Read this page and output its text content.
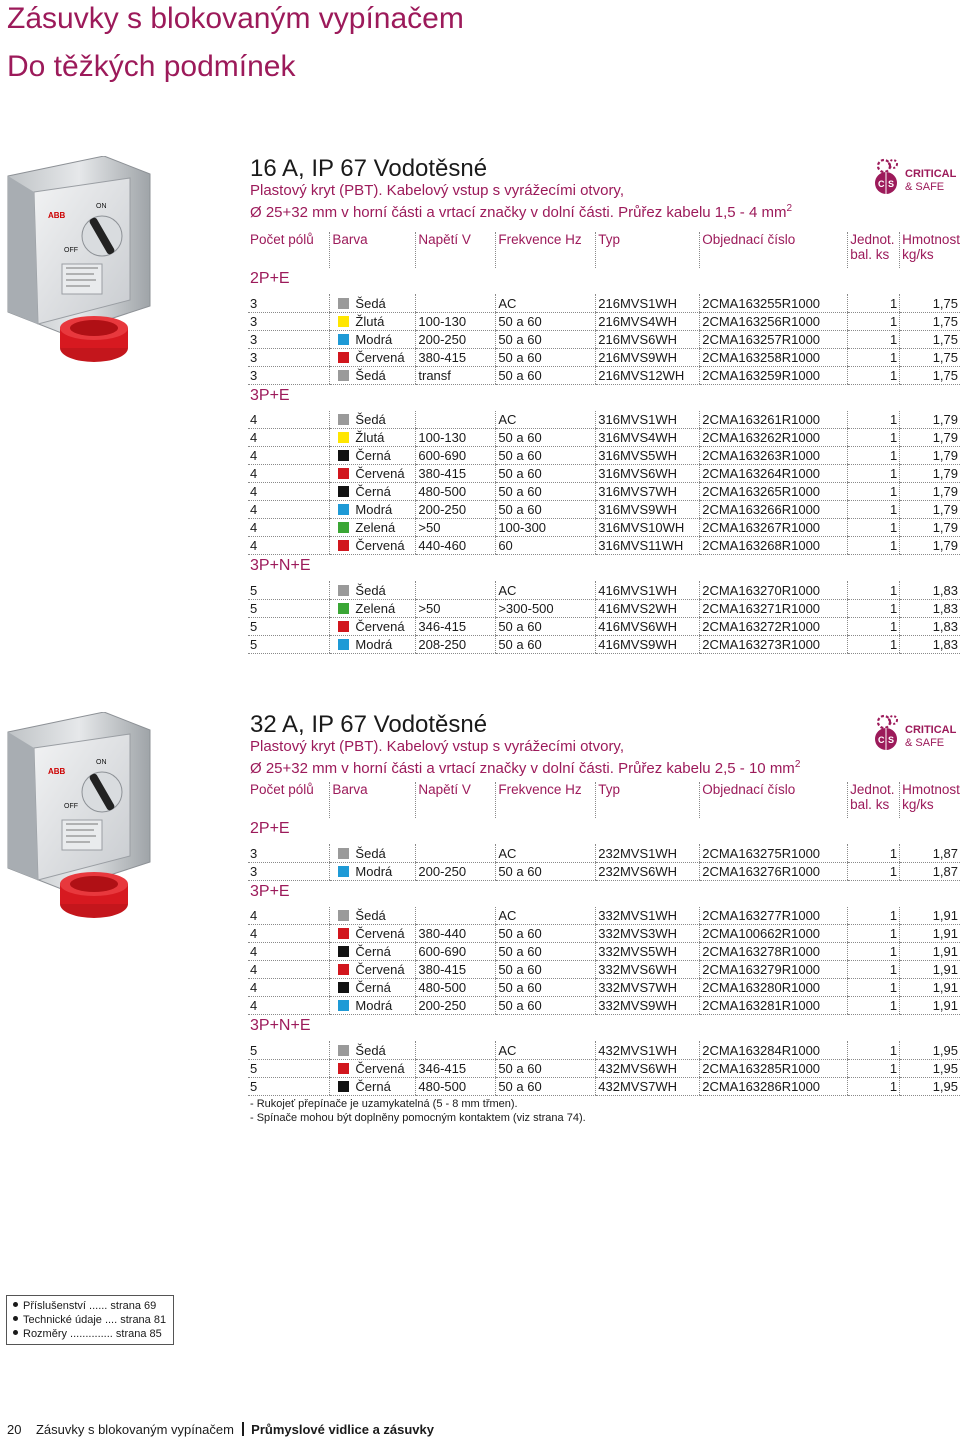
Zásuvky s blokovaným vypínačem
Do těžkých podmínek
ABB
ON
OFF
16 A, IP 67 Vodotěsné
Plastový kryt (PBT). Kabelový vstup s vyrážecími otvory,
Ø 25+32 mm v horní části a vrtací značky v dolní části. Průřez kabelu 1,5 - 4 $mm^2$
Počet pólů	Barva	Napětí V	Frekvence Hz	Typ	Objednací číslo	Jednot. bal. ks	Hmotnost kg/ks
2P+E							
3	Šedá		AC	216MVS1WH	2CMA163255R1000	1	1,75
3	Žlutá	100-130	50 a 60	216MVS4WH	2CMA163256R1000	1	1,75
3	Modrá	200-250	50 a 60	216MVS6WH	2CMA163257R1000	1	1,75
3	Červená	380-415	50 a 60	216MVS9WH	2CMA163258R1000	1	1,75
3	Šedá	transf	50 a 60	216MVS12WH	2CMA163259R1000	1	1,75
3P+E							
4	Šedá		AC	316MVS1WH	2CMA163261R1000	1	1,79
4	Žlutá	100-130	50 a 60	316MVS4WH	2CMA163262R1000	1	1,79
4	Černá	600-690	50 a 60	316MVS5WH	2CMA163263R1000	1	1,79
4	Červená	380-415	50 a 60	316MVS6WH	2CMA163264R1000	1	1,79
4	Černá	480-500	50 a 60	316MVS7WH	2CMA163265R1000	1	1,79
4	Modrá	200-250	50 a 60	316MVS9WH	2CMA163266R1000	1	1,79
4	Zelená	>50	100-300	316MVS10WH	2CMA163267R1000	1	1,79
4	Červená	440-460	60	316MVS11WH	2CMA163268R1000	1	1,79
3P+N+E							
5	Šedá		AC	416MVS1WH	2CMA163270R1000	1	1,83
5	Zelená	>50	>300-500	416MVS2WH	2CMA163271R1000	1	1,83
5	Červená	346-415	50 a 60	416MVS6WH	2CMA163272R1000	1	1,83
5	Modrá	208-250	50 a 60	416MVS9WH	2CMA163273R1000	1	1,83
C S
CRITICAL
& SAFE
ABB
ON
OFF
32 A, IP 67 Vodotěsné
Plastový kryt (PBT). Kabelový vstup s vyrážecími otvory,
Ø 25+32 mm v horní části a vrtací značky v dolní části. Průřez kabelu 2,5 - 10 $mm^2$
Počet pólů	Barva	Napětí V	Frekvence Hz	Typ	Objednací číslo	Jednot. bal. ks	Hmotnost kg/ks
2P+E							
3	Šedá		AC	232MVS1WH	2CMA163275R1000	1	1,87
3	Modrá	200-250	50 a 60	232MVS6WH	2CMA163276R1000	1	1,87
3P+E							
4	Šedá		AC	332MVS1WH	2CMA163277R1000	1	1,91
4	Červená	380-440	50 a 60	332MVS3WH	2CMA100662R1000	1	1,91
4	Černá	600-690	50 a 60	332MVS5WH	2CMA163278R1000	1	1,91
4	Červená	380-415	50 a 60	332MVS6WH	2CMA163279R1000	1	1,91
4	Černá	480-500	50 a 60	332MVS7WH	2CMA163280R1000	1	1,91
4	Modrá	200-250	50 a 60	332MVS9WH	2CMA163281R1000	1	1,91
3P+N+E							
5	Šedá		AC	432MVS1WH	2CMA163284R1000	1	1,95
5	Červená	346-415	50 a 60	432MVS6WH	2CMA163285R1000	1	1,95
5	Černá	480-500	50 a 60	432MVS7WH	2CMA163286R1000	1	1,95
C S
CRITICAL
& SAFE
- Rukojeť přepínače je uzamykatelná (5 - 8 mm třmen).
- Spínače mohou být doplněny pomocným kontaktem (viz strana 74).
Příslušenství ...... strana 69
Technické údaje .... strana 81
Rozměry .............. strana 85
20 Zásuvky s blokovaným vypínačem Průmyslové vidlice a zásuvky
